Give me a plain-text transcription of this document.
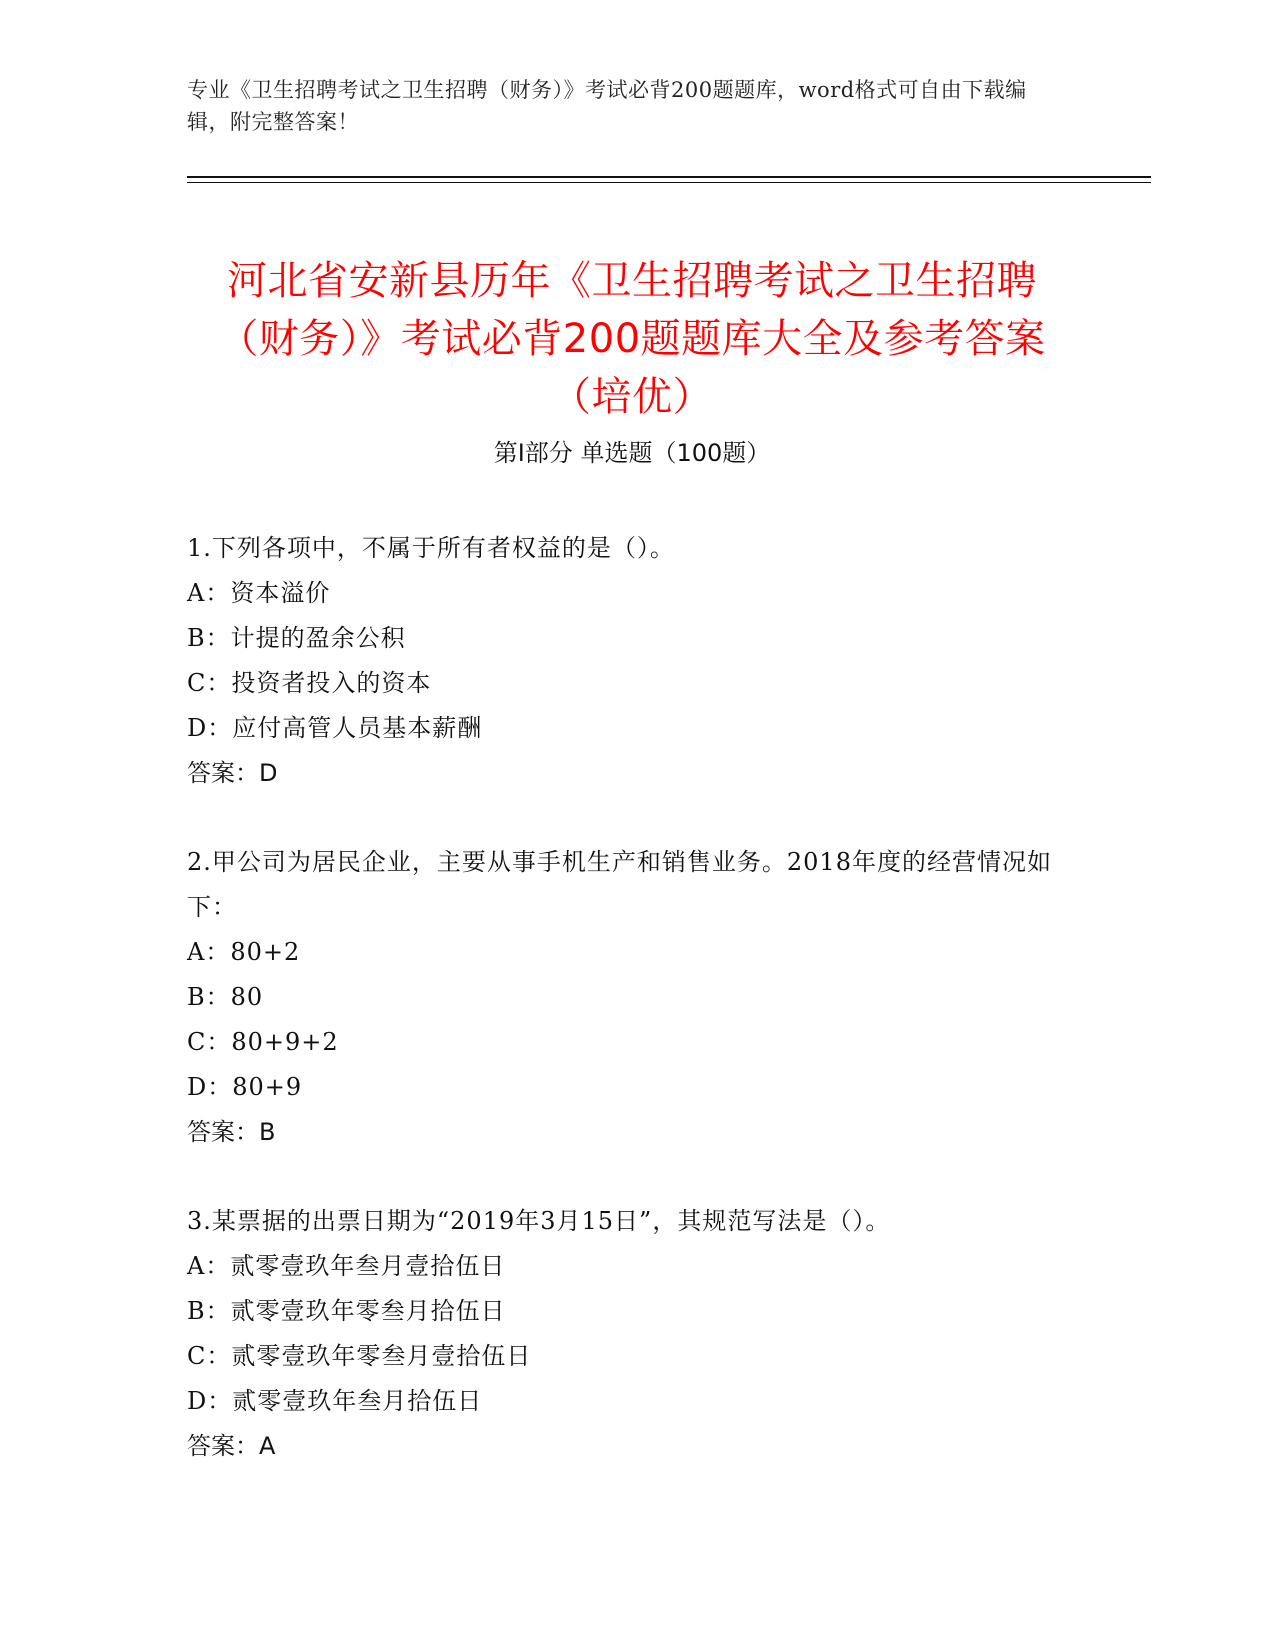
专业《卫生招聘考试之卫生招聘（财务）》考试必背200题题库，word格式可自由下载编辑，附完整答案！
河北省安新县历年《卫生招聘考试之卫生招聘（财务）》考试必背200题题库大全及参考答案（培优）
第I部分 单选题（100题）
1.下列各项中，不属于所有者权益的是（）。
A：资本溢价
B：计提的盈余公积
C：投资者投入的资本
D：应付高管人员基本薪酬
答案：D
2.甲公司为居民企业，主要从事手机生产和销售业务。2018年度的经营情况如下：
A：80+2
B：80
C：80+9+2
D：80+9
答案：B
3.某票据的出票日期为“2019年3月15日”，其规范写法是（）。
A：贰零壹玖年叁月壹拾伍日
B：贰零壹玖年零叁月拾伍日
C：贰零壹玖年零叁月壹拾伍日
D：贰零壹玖年叁月拾伍日
答案：A
